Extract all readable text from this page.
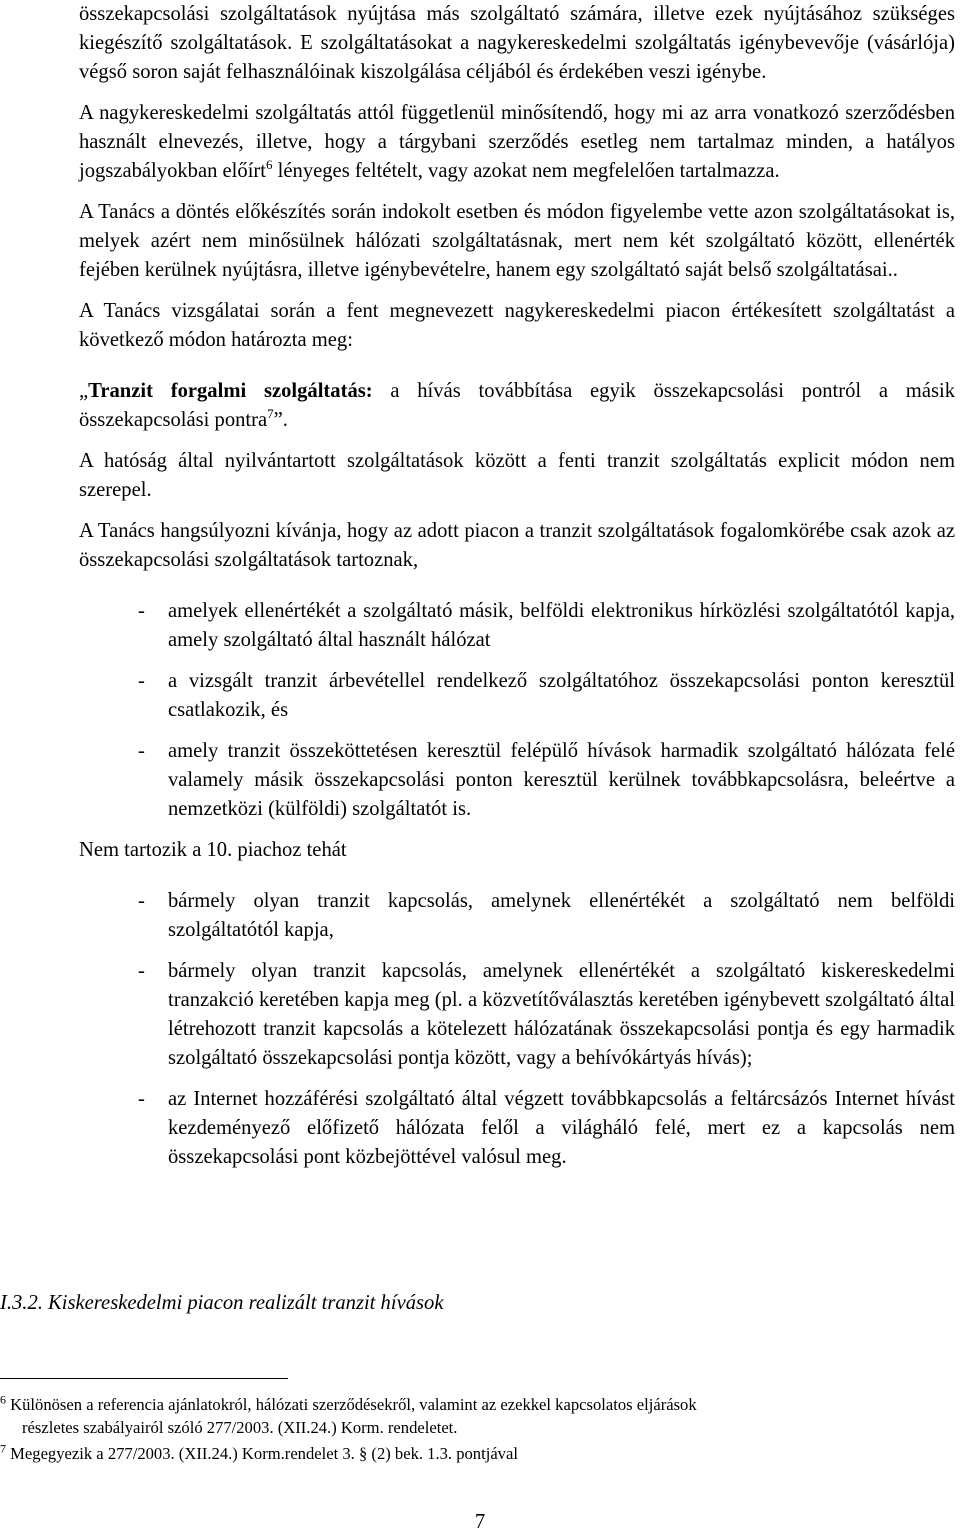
összekapcsolási szolgáltatások nyújtása más szolgáltató számára, illetve ezek nyújtásához szükséges kiegészítő szolgáltatások. E szolgáltatásokat a nagykereskedelmi szolgáltatás igénybevevője (vásárlója) végső soron saját felhasználóinak kiszolgálása céljából és érdekében veszi igénybe.

A nagykereskedelmi szolgáltatás attól függetlenül minősítendő, hogy mi az arra vonatkozó szerződésben használt elnevezés, illetve, hogy a tárgybani szerződés esetleg nem tartalmaz minden, a hatályos jogszabályokban előírt$^6$ lényeges feltételt, vagy azokat nem megfelelően tartalmazza.

A Tanács a döntés előkészítés során indokolt esetben és módon figyelembe vette azon szolgáltatásokat is, melyek azért nem minősülnek hálózati szolgáltatásnak, mert nem két szolgáltató között, ellenérték fejében kerülnek nyújtásra, illetve igénybevételre, hanem egy szolgáltató saját belső szolgáltatásai..

A Tanács vizsgálatai során a fent megnevezett nagykereskedelmi piacon értékesített szolgáltatást a következő módon határozta meg:

„Tranzit forgalmi szolgáltatás: a hívás továbbítása egyik összekapcsolási pontról a másik összekapcsolási pontra$^7$”.

A hatóság által nyilvántartott szolgáltatások között a fenti tranzit szolgáltatás explicit módon nem szerepel.

A Tanács hangsúlyozni kívánja, hogy az adott piacon a tranzit szolgáltatások fogalomkörébe csak azok az összekapcsolási szolgáltatások tartoznak,

- amelyek ellenértékét a szolgáltató másik, belföldi elektronikus hírközlési szolgáltatótól kapja, amely szolgáltató által használt hálózat
- a vizsgált tranzit árbevétellel rendelkező szolgáltatóhoz összekapcsolási ponton keresztül csatlakozik, és
- amely tranzit összeköttetésen keresztül felépülő hívások harmadik szolgáltató hálózata felé valamely másik összekapcsolási ponton keresztül kerülnek továbbkapcsolásra, beleértve a nemzetközi (külföldi) szolgáltatót is.

Nem tartozik a 10. piachoz tehát

- bármely olyan tranzit kapcsolás, amelynek ellenértékét a szolgáltató nem belföldi szolgáltatótól kapja,
- bármely olyan tranzit kapcsolás, amelynek ellenértékét a szolgáltató kiskereskedelmi tranzakció keretében kapja meg (pl. a közvetítőválasztás keretében igénybevett szolgáltató által létrehozott tranzit kapcsolás a kötelezett hálózatának összekapcsolási pontja és egy harmadik szolgáltató összekapcsolási pontja között, vagy a behívókártyás hívás);
- az Internet hozzáférési szolgáltató által végzett továbbkapcsolás a feltárcsázós Internet hívást kezdeményező előfizető hálózata felől a világháló felé, mert ez a kapcsolás nem összekapcsolási pont közbejöttével valósul meg.
I.3.2. Kiskereskedelmi piacon realizált tranzit hívások
$^6$ Különösen a referencia ajánlatokról, hálózati szerződésekről, valamint az ezekkel kapcsolatos eljárások
részletes szabályairól szóló 277/2003. (XII.24.) Korm. rendeletet.
$^7$ Megegyezik a 277/2003. (XII.24.) Korm.rendelet 3. § (2) bek. 1.3. pontjával
7
